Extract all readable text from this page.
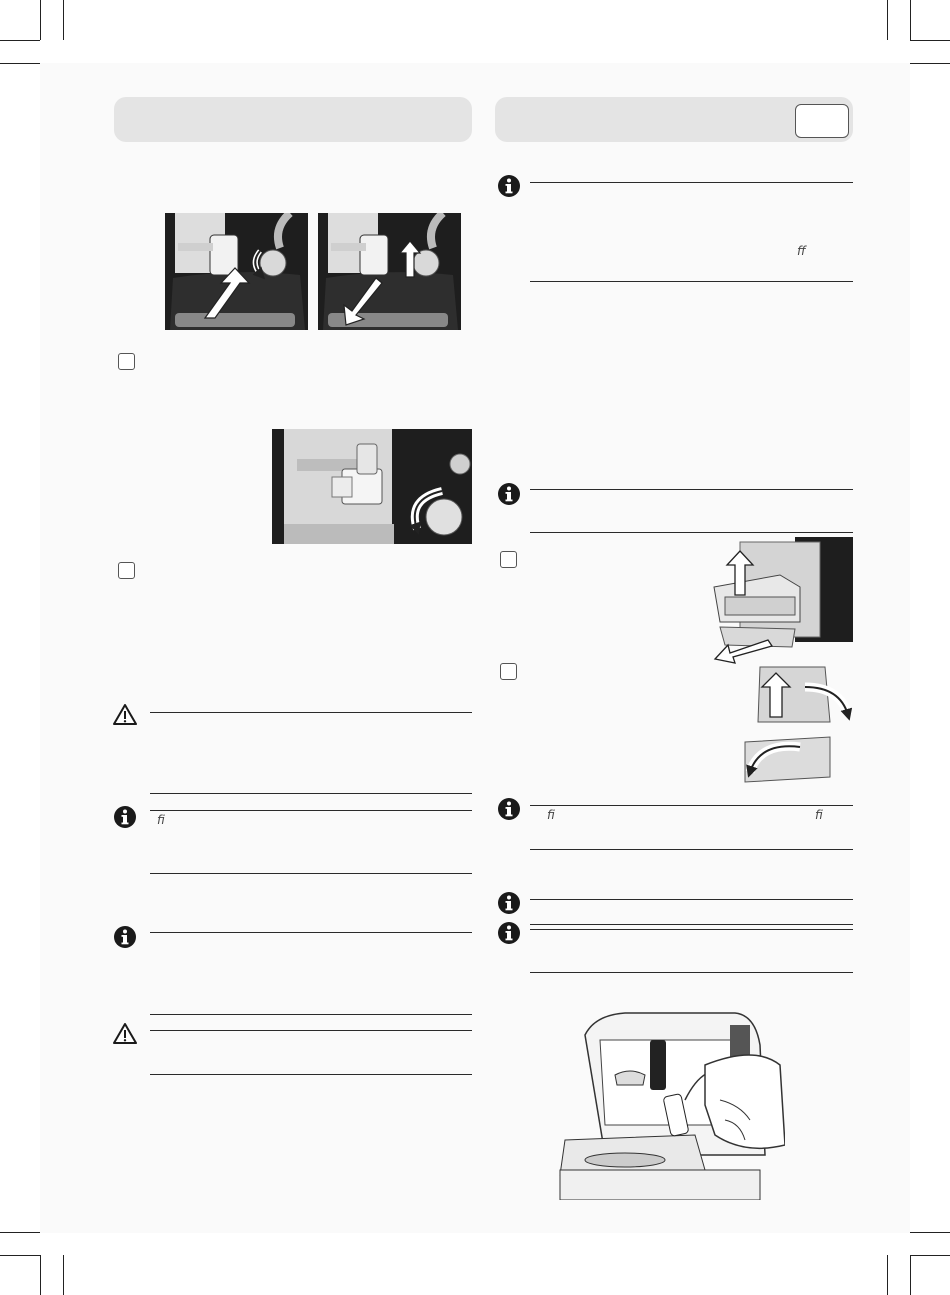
fi
ff
fi	fi
